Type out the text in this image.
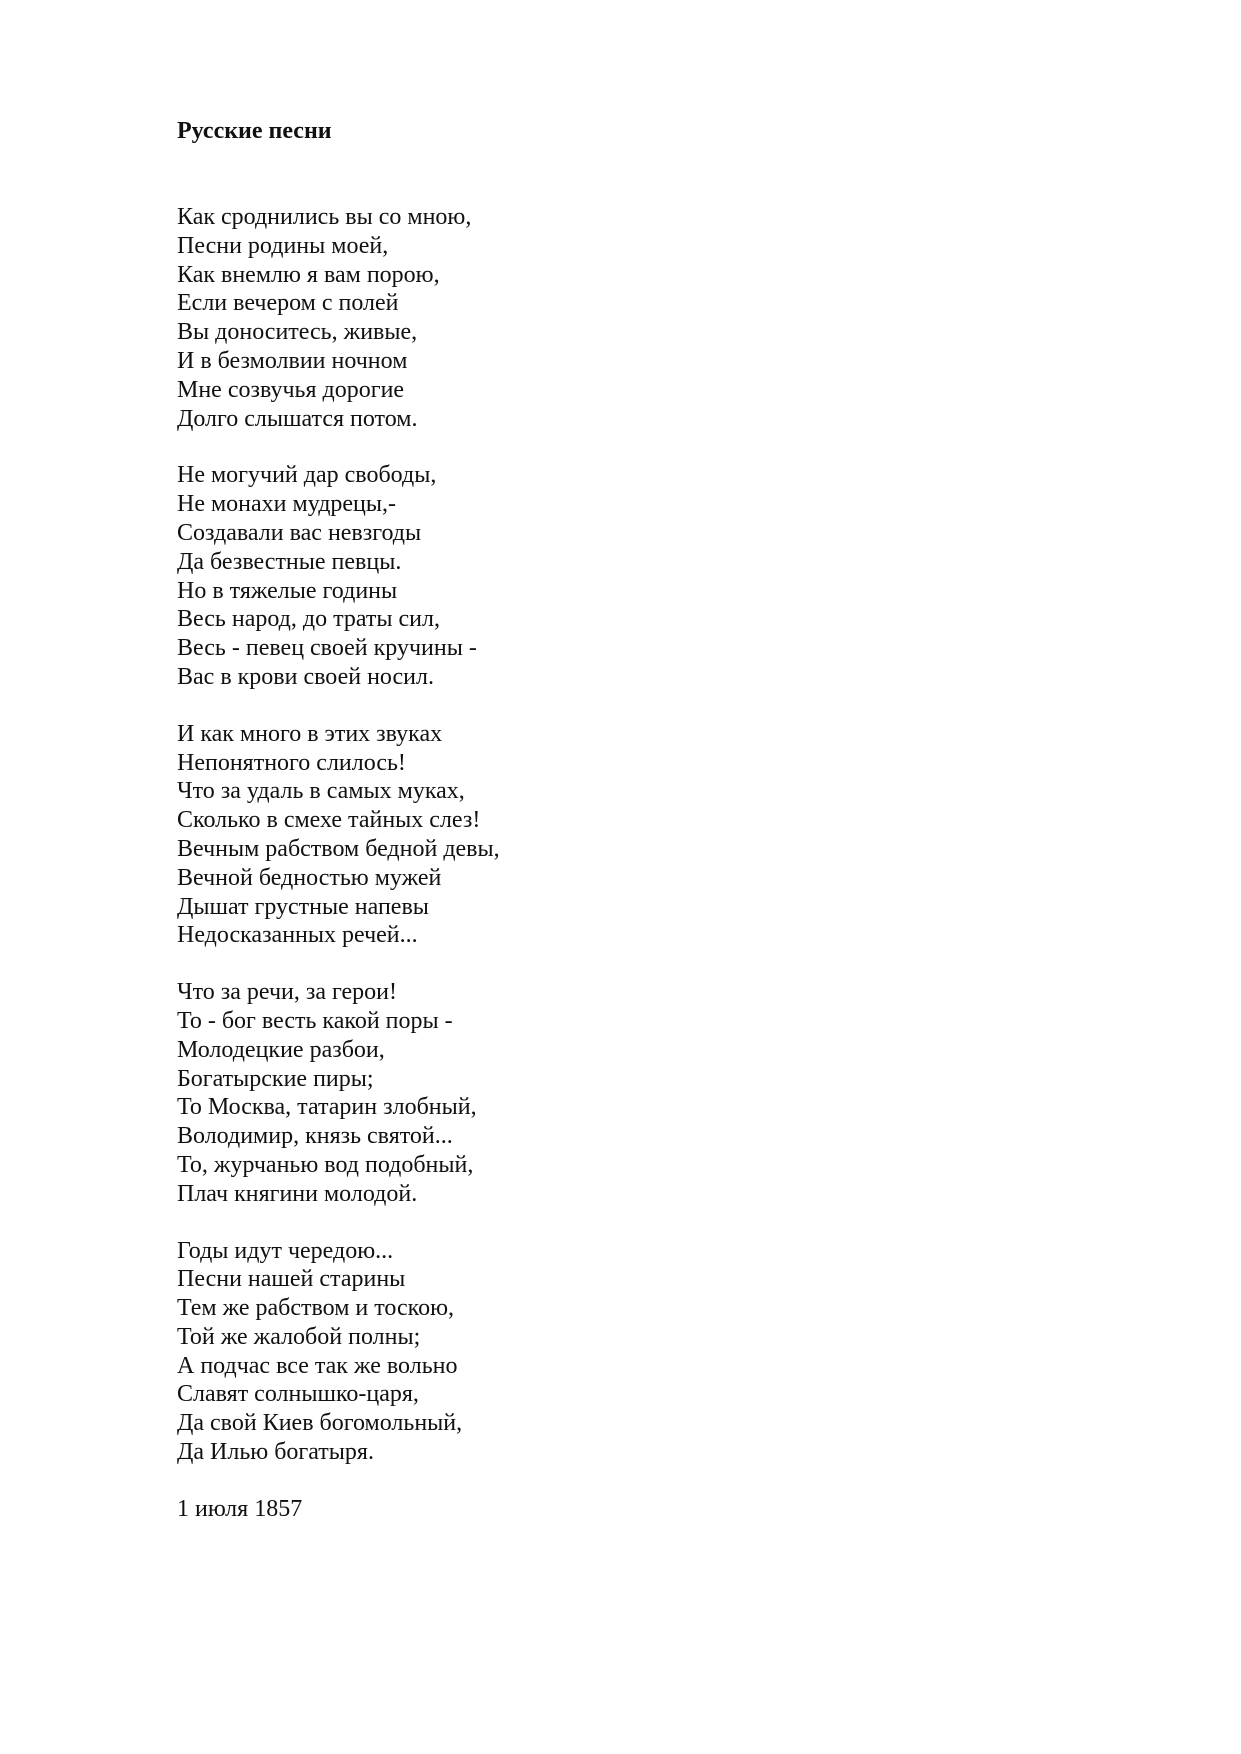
Русские песни
Как сроднились вы со мною,
Песни родины моей,
Как внемлю я вам порою,
Если вечером с полей
Вы доноситесь, живые,
И в безмолвии ночном
Мне созвучья дорогие
Долго слышатся потом.
Не могучий дар свободы,
Не монахи мудрецы,-
Создавали вас невзгоды
Да безвестные певцы.
Но в тяжелые годины
Весь народ, до траты сил,
Весь - певец своей кручины -
Вас в крови своей носил.
И как много в этих звуках
Непонятного слилось!
Что за удаль в самых муках,
Сколько в смехе тайных слез!
Вечным рабством бедной девы,
Вечной бедностью мужей
Дышат грустные напевы
Недосказанных речей...
Что за речи, за герои!
То - бог весть какой поры -
Молодецкие разбои,
Богатырские пиры;
То Москва, татарин злобный,
Володимир, князь святой...
То, журчанью вод подобный,
Плач княгини молодой.
Годы идут чередою...
Песни нашей старины
Тем же рабством и тоскою,
Той же жалобой полны;
А подчас все так же вольно
Славят солнышко-царя,
Да свой Киев богомольный,
Да Илью богатыря.
1 июля 1857
